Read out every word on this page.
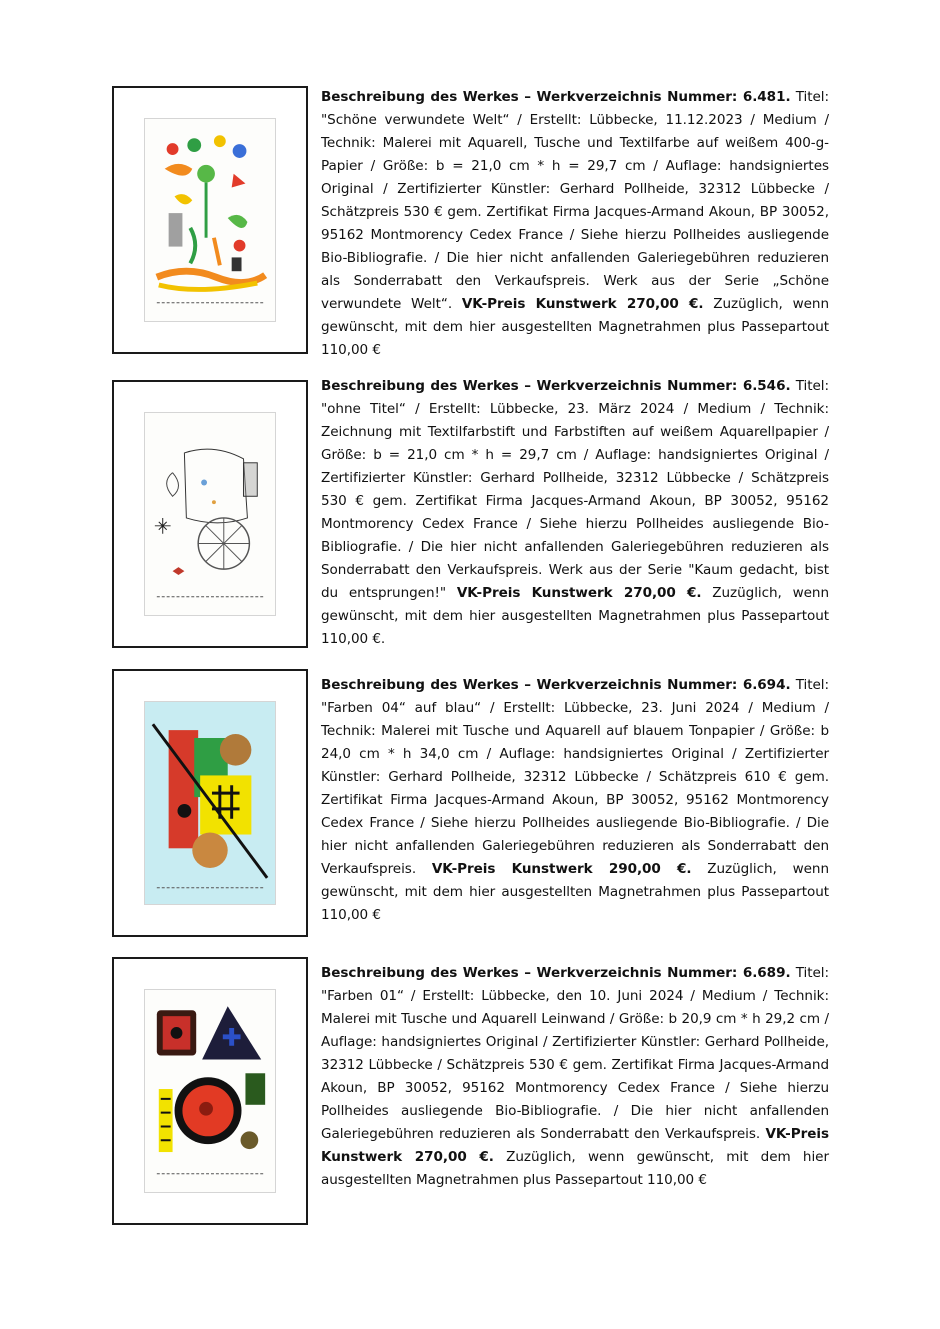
Beschreibung des Werkes – Werkverzeichnis Nummer: 6.481. Titel: "Schöne verwundete Welt“ / Erstellt: Lübbecke, 11.12.2023 / Medium / Technik: Malerei mit Aquarell, Tusche und Textilfarbe auf weißem 400-g-Papier / Größe: b = 21,0 cm * h = 29,7 cm / Auflage: handsigniertes Original / Zertifizierter Künstler: Gerhard Pollheide, 32312 Lübbecke / Schätzpreis 530 € gem. Zertifikat Firma Jacques-Armand Akoun, BP 30052, 95162 Montmorency Cedex France / Siehe hierzu Pollheides ausliegende Bio-Bibliografie. / Die hier nicht anfallenden Galeriegebühren reduzieren als Sonderrabatt den Verkaufspreis. Werk aus der Serie „Schöne verwundete Welt“. VK-Preis Kunstwerk 270,00 €. Zuzüglich, wenn gewünscht, mit dem hier ausgestellten Magnetrahmen plus Passepartout 110,00 €

Beschreibung des Werkes – Werkverzeichnis Nummer: 6.546. Titel: "ohne Titel“ / Erstellt: Lübbecke, 23. März 2024 / Medium / Technik: Zeichnung mit Textilfarbstift und Farbstiften auf weißem Aquarellpapier / Größe: b = 21,0 cm * h = 29,7 cm / Auflage: handsigniertes Original / Zertifizierter Künstler: Gerhard Pollheide, 32312 Lübbecke / Schätzpreis 530 € gem. Zertifikat Firma Jacques-Armand Akoun, BP 30052, 95162 Montmorency Cedex France / Siehe hierzu Pollheides ausliegende Bio-Bibliografie. / Die hier nicht anfallenden Galeriegebühren reduzieren als Sonderrabatt den Verkaufspreis. Werk aus der Serie "Kaum gedacht, bist du entsprungen!" VK-Preis Kunstwerk 270,00 €. Zuzüglich, wenn gewünscht, mit dem hier ausgestellten Magnetrahmen plus Passepartout 110,00 €.

Beschreibung des Werkes – Werkverzeichnis Nummer: 6.694. Titel: "Farben 04“ auf blau“ / Erstellt: Lübbecke, 23. Juni 2024 / Medium / Technik: Malerei mit Tusche und Aquarell auf blauem Tonpapier / Größe: b 24,0 cm * h 34,0 cm / Auflage: handsigniertes Original / Zertifizierter Künstler: Gerhard Pollheide, 32312 Lübbecke / Schätzpreis 610 € gem. Zertifikat Firma Jacques-Armand Akoun, BP 30052, 95162 Montmorency Cedex France / Siehe hierzu Pollheides ausliegende Bio-Bibliografie. / Die hier nicht anfallenden Galeriegebühren reduzieren als Sonderrabatt den Verkaufspreis. VK-Preis Kunstwerk 290,00 €. Zuzüglich, wenn gewünscht, mit dem hier ausgestellten Magnetrahmen plus Passepartout 110,00 €

Beschreibung des Werkes – Werkverzeichnis Nummer: 6.689. Titel: "Farben 01“ / Erstellt: Lübbecke, den 10. Juni 2024 / Medium / Technik: Malerei mit Tusche und Aquarell Leinwand / Größe: b 20,9 cm * h 29,2 cm / Auflage: handsigniertes Original / Zertifizierter Künstler: Gerhard Pollheide, 32312 Lübbecke / Schätzpreis 530 € gem. Zertifikat Firma Jacques-Armand Akoun, BP 30052, 95162 Montmorency Cedex France / Siehe hierzu Pollheides ausliegende Bio-Bibliografie. / Die hier nicht anfallenden Galeriegebühren reduzieren als Sonderrabatt den Verkaufspreis. VK-Preis Kunstwerk 270,00 €. Zuzüglich, wenn gewünscht, mit dem hier ausgestellten Magnetrahmen plus Passepartout 110,00 €
